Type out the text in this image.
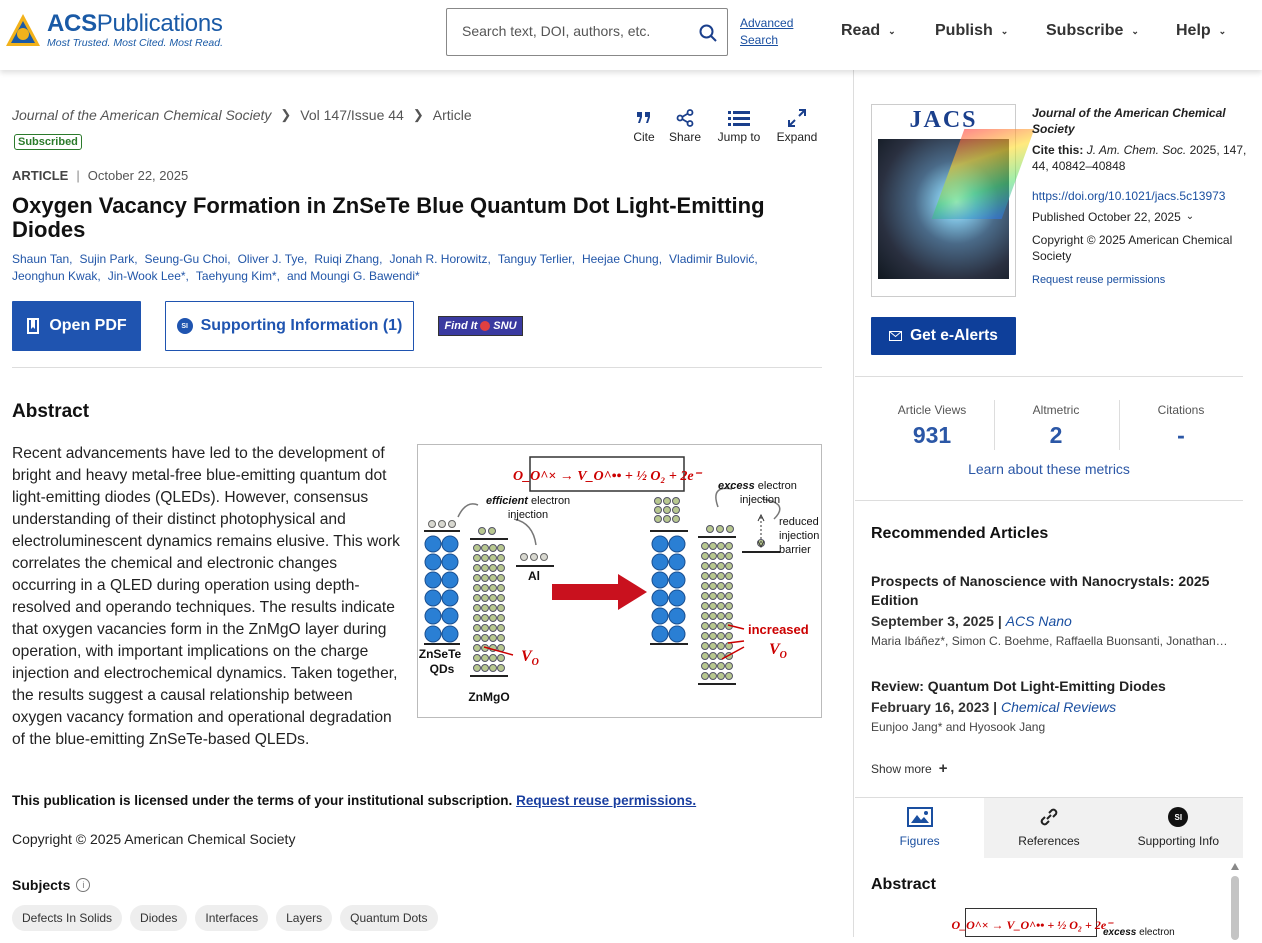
ACSPublications
Most Trusted. Most Cited. Most Read.
Search text, DOI, authors, etc.
Advanced
Search
Read ⌄ Publish ⌄ Subscribe ⌄ Help ⌄
Journal of the American Chemical Society ❯ Vol 147/Issue 44 ❯ Article
Subscribed	Cite Share Jump to Expand
ARTICLE | October 22, 2025
Oxygen Vacancy Formation in ZnSeTe Blue Quantum Dot Light-Emitting Diodes
Shaun Tan, Sujin Park, Seung-Gu Choi, Oliver J. Tye, Ruiqi Zhang, Jonah R. Horowitz, Tanguy Terlier, Heejae Chung, Vladimir Bulović,
Jeonghun Kwak, Jin-Wook Lee*, Taehyung Kim*, and Moungi G. Bawendi*
Open PDF	SI Supporting Information (1)	Find It SNU
Abstract

Recent advancements have led to the development of bright and heavy metal-free blue-emitting quantum dot light-emitting diodes (QLEDs). However, consensus understanding of their distinct photophysical and electroluminescent dynamics remains elusive. This work correlates the chemical and electronic changes occurring in a QLED during operation using depth-resolved and operando techniques. The results indicate that oxygen vacancies form in the ZnMgO layer during operation, with important implications on the charge injection and electrochemical dynamics. Taken together, the results suggest a causal relationship between oxygen vacancy formation and operational degradation of the blue-emitting ZnSeTe-based QLEDs.

O_O^× → V_O^•• + ½ O₂ + 2e⁻
Al
efficient electron
injection
ZnSeTe
QDs
ZnMgO
$V_O$
reduced
injection
barrier
excess electron
injection
increased
$V_O$

This publication is licensed under the terms of your institutional subscription. Request reuse permissions.

Copyright © 2025 American Chemical Society

Subjects	i
Defects In Solids	Diodes	Interfaces	Layers	Quantum Dots
JACS	Journal of the American Chemical Society
Cite this: J. Am. Chem. Soc. 2025, 147, 44, 40842–40848
https://doi.org/10.1021/jacs.5c13973
Published October 22, 2025 ⌄
Copyright © 2025 American Chemical Society
Request reuse permissions
Get e-Alerts
Article Views
931
Altmetric
2
Citations
-
Learn about these metrics
Recommended Articles
Prospects of Nanoscience with Nanocrystals: 2025 Edition
September 3, 2025 | ACS Nano
Maria Ibáñez*, Simon C. Boehme, Raffaella Buonsanti, Jonathan…
Review: Quantum Dot Light-Emitting Diodes
February 16, 2023 | Chemical Reviews
Eunjoo Jang* and Hyosook Jang
Show more +
Figures	References
SI
Supporting Info
Abstract
O_O^× → V_O^•• + ½ O₂ + 2e⁻
excess electron
